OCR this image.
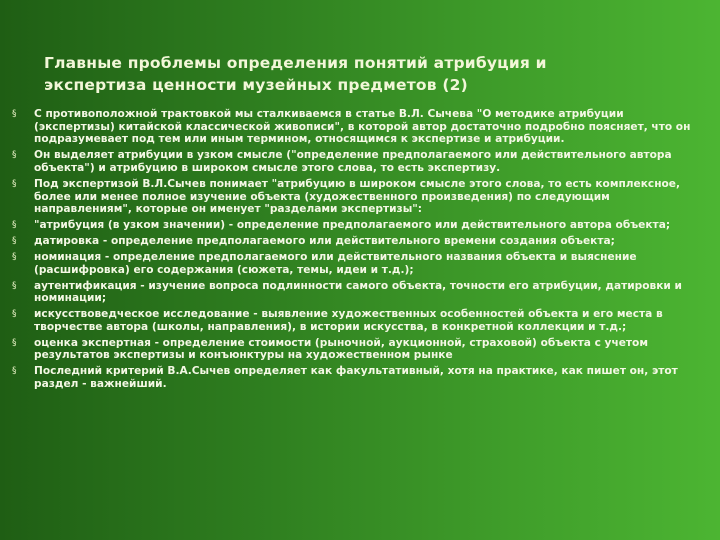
Главные проблемы определения понятий атрибуция и
экспертиза ценности музейных предметов (2)
§	С противоположной трактовкой мы сталкиваемся в статье В.Л. Сычева "О методике атрибуции (экспертизы) китайской классической живописи", в которой автор достаточно подробно поясняет, что он подразумевает под тем или иным термином, относящимся к экспертизе и атрибуции.
§	Он выделяет атрибуции в узком смысле ("определение предполагаемого или действительного автора объекта") и атрибуцию в широком смысле этого слова, то есть экспертизу.
§	Под экспертизой В.Л.Сычев понимает "атрибуцию в широком смысле этого слова, то есть комплексное, более или менее полное изучение объекта (художественного произведения) по следующим направлениям", которые он именует "разделами экспертизы":
§	"атрибуция (в узком значении) - определение предполагаемого или действительного автора объекта;
§	датировка - определение предполагаемого или действительного времени создания объекта;
§	номинация - определение предполагаемого или действительного названия объекта и выяснение (расшифровка) его содержания (сюжета, темы, идеи и т.д.);
§	аутентификация - изучение вопроса подлинности самого объекта, точности его атрибуции, датировки и номинации;
§	искусствоведческое исследование - выявление художественных особенностей объекта и его места в творчестве автора (школы, направления), в истории искусства, в конкретной коллекции и т.д.;
§	оценка экспертная - определение стоимости (рыночной, аукционной, страховой) объекта с учетом результатов экспертизы и конъюнктуры на художественном рынке
§	Последний критерий В.А.Сычев определяет как факультативный, хотя на практике, как пишет он, этот раздел - важнейший.
